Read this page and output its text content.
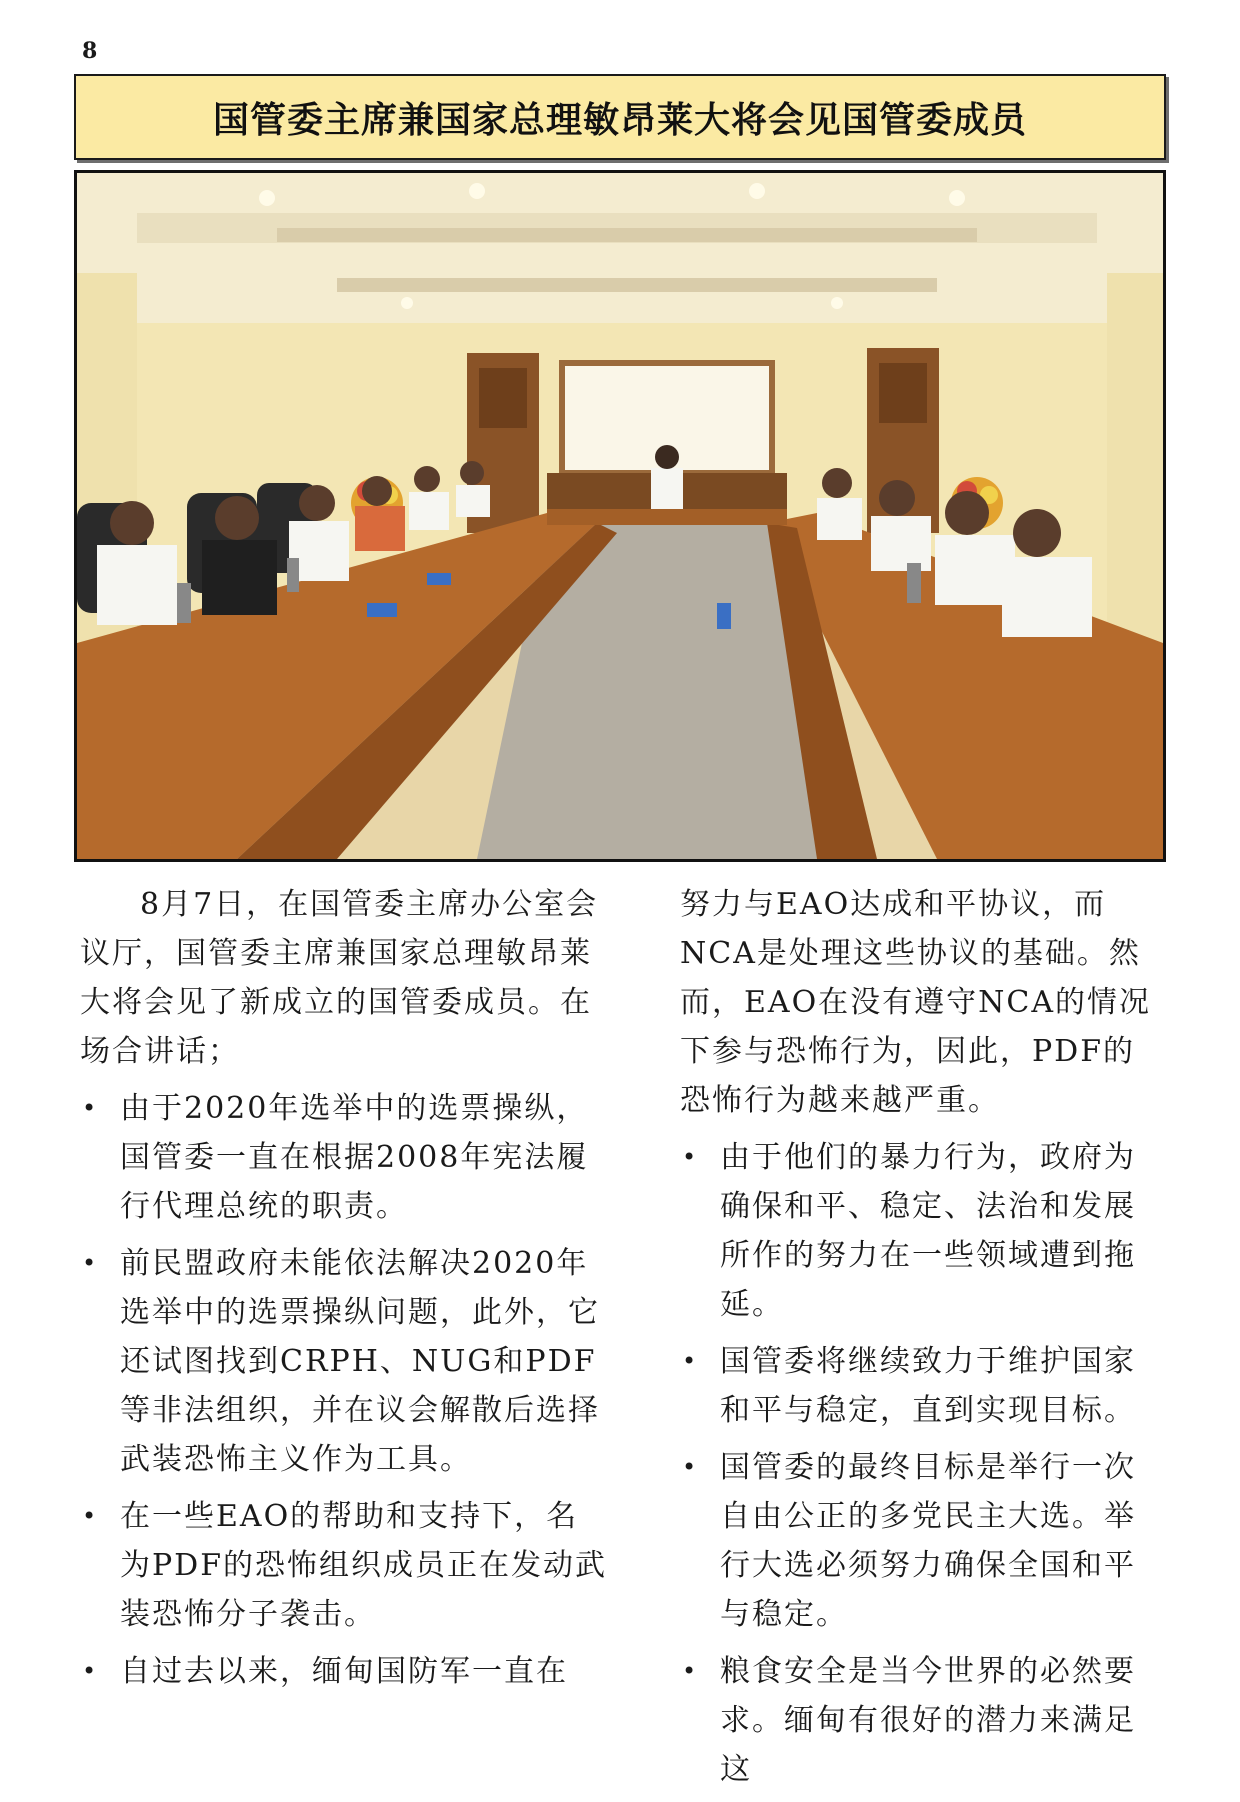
8
国管委主席兼国家总理敏昂莱大将会见国管委成员

8月7日，在国管委主席办公室会议厅，国管委主席兼国家总理敏昂莱大将会见了新成立的国管委成员。在场合讲话；

• 由于2020年选举中的选票操纵，国管委一直在根据2008年宪法履行代理总统的职责。
• 前民盟政府未能依法解决2020年选举中的选票操纵问题，此外，它还试图找到CRPH、NUG和PDF等非法组织，并在议会解散后选择武装恐怖主义作为工具。
• 在一些EAO的帮助和支持下，名为PDF的恐怖组织成员正在发动武装恐怖分子袭击。
• 自过去以来，缅甸国防军一直在

努力与EAO达成和平协议，而NCA是处理这些协议的基础。然而，EAO在没有遵守NCA的情况下参与恐怖行为，因此，PDF的恐怖行为越来越严重。

• 由于他们的暴力行为，政府为确保和平、稳定、法治和发展所作的努力在一些领域遭到拖延。
• 国管委将继续致力于维护国家和平与稳定，直到实现目标。
• 国管委的最终目标是举行一次自由公正的多党民主大选。举行大选必须努力确保全国和平与稳定。
• 粮食安全是当今世界的必然要求。缅甸有很好的潜力来满足这
